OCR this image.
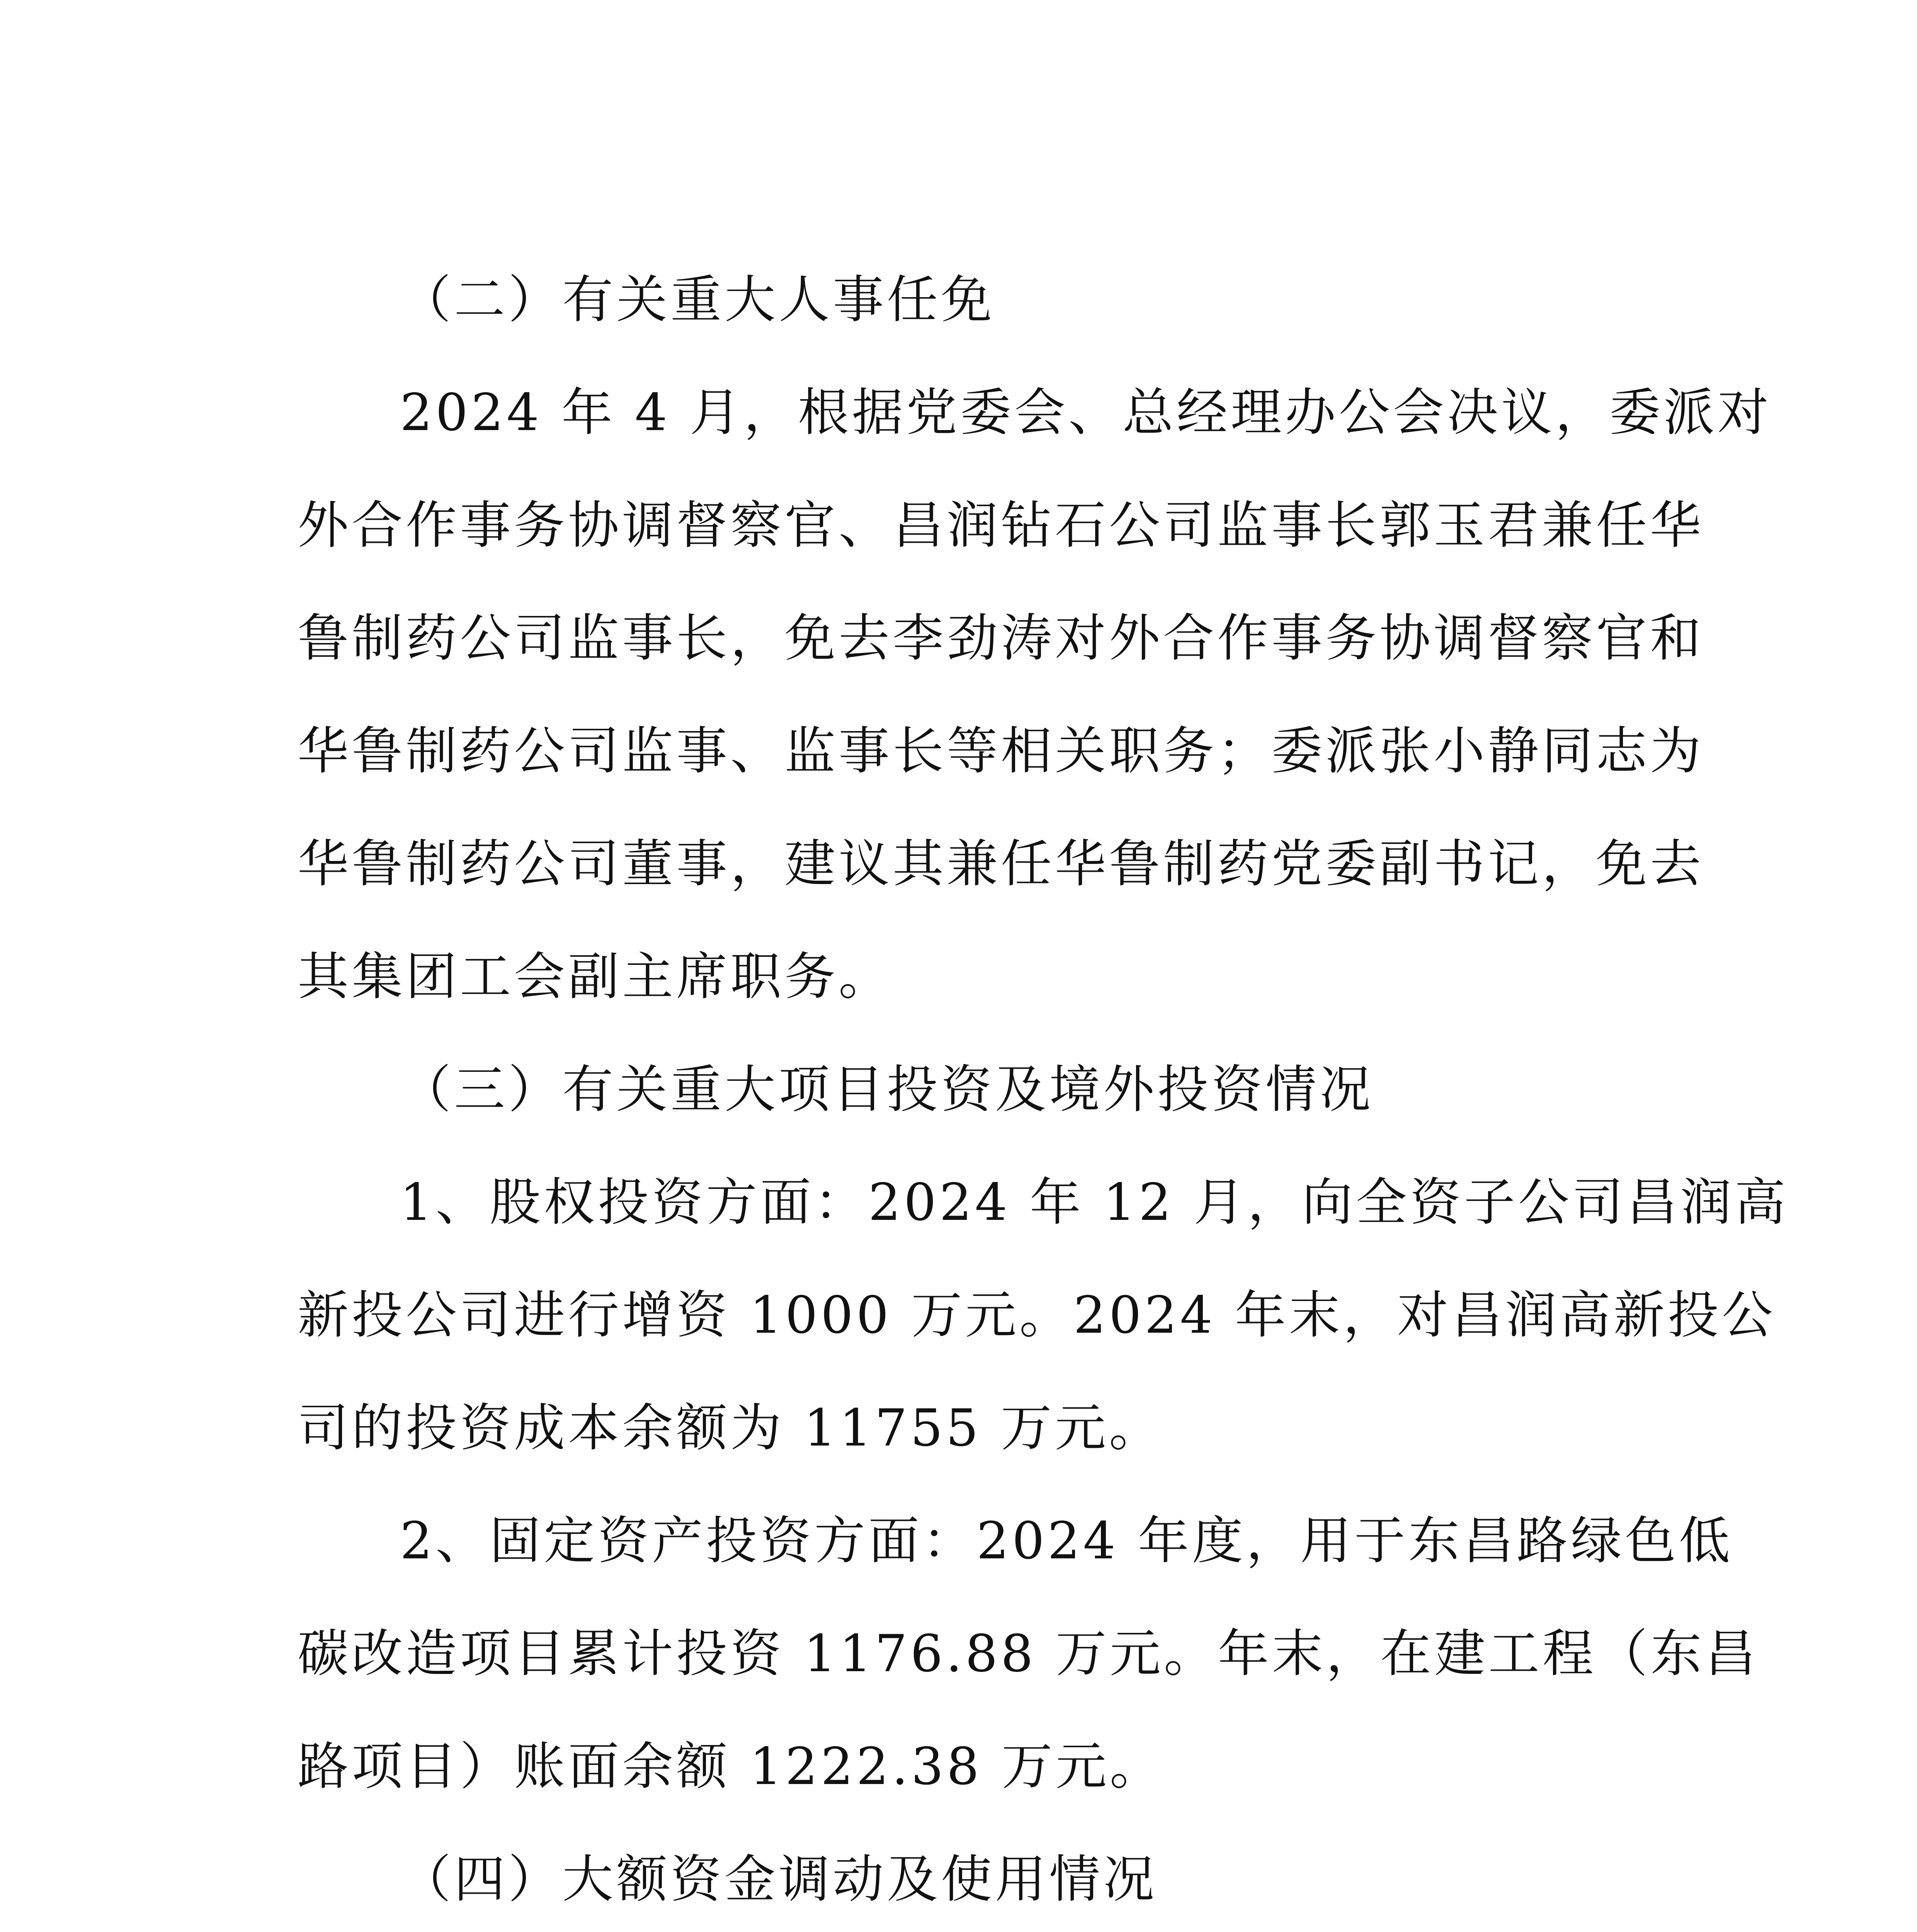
（二）有关重大人事任免
2024 年 4 月，根据党委会、总经理办公会决议，委派对
外合作事务协调督察官、昌润钻石公司监事长郭玉君兼任华
鲁制药公司监事长，免去李劲涛对外合作事务协调督察官和
华鲁制药公司监事、监事长等相关职务；委派张小静同志为
华鲁制药公司董事，建议其兼任华鲁制药党委副书记，免去
其集团工会副主席职务。
（三）有关重大项目投资及境外投资情况
1、股权投资方面：2024 年 12 月，向全资子公司昌润高
新投公司进行增资 1000 万元。2024 年末，对昌润高新投公
司的投资成本余额为 11755 万元。
2、固定资产投资方面：2024 年度，用于东昌路绿色低
碳改造项目累计投资 1176.88 万元。年末，在建工程（东昌
路项目）账面余额 1222.38 万元。
（四）大额资金调动及使用情况
